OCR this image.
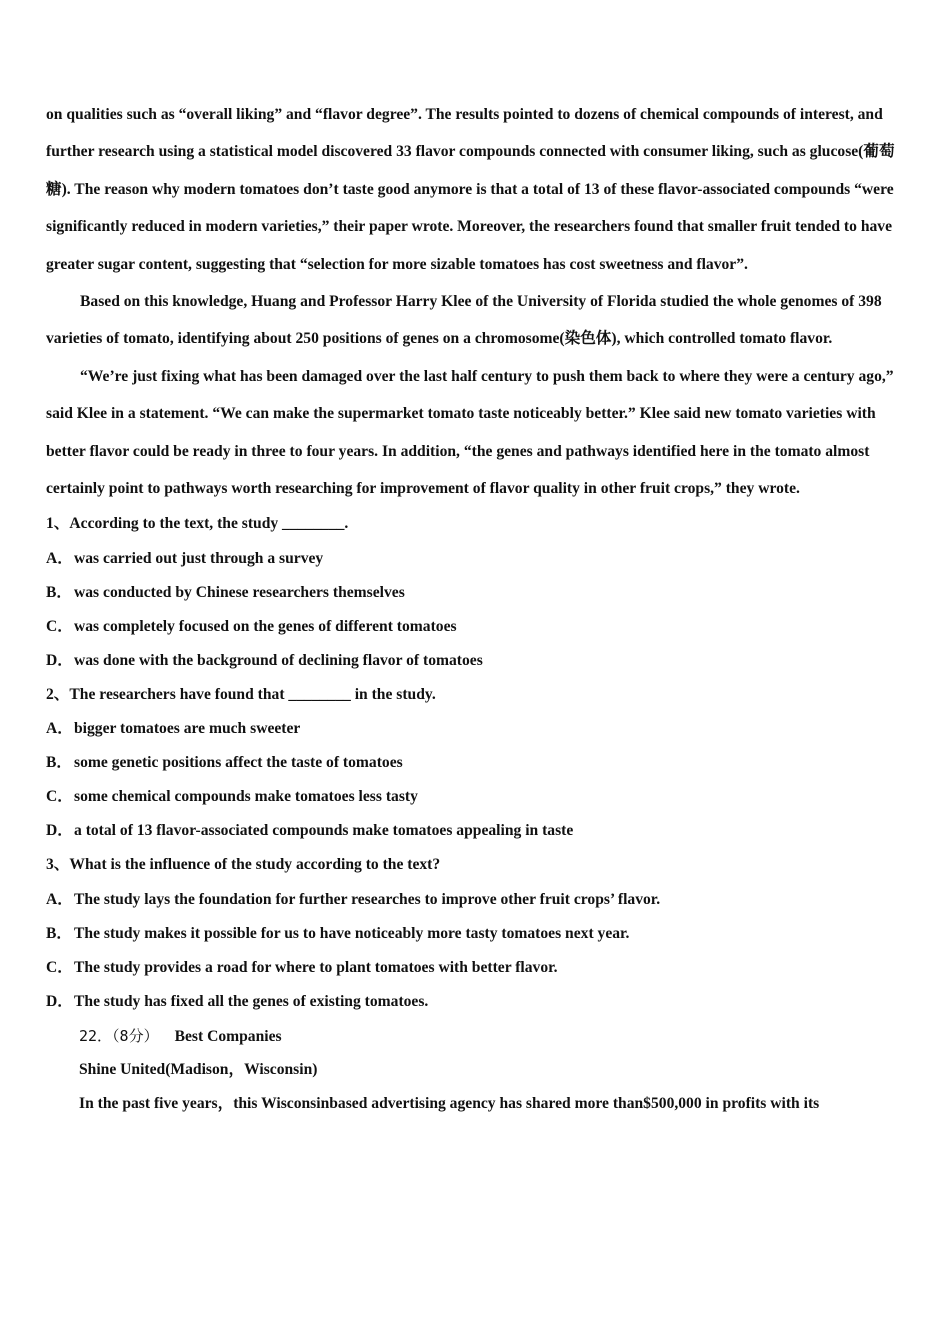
on qualities such as “overall liking” and “flavor degree”. The results pointed to dozens of chemical compounds of interest, and further research using a statistical model discovered 33 flavor compounds connected with consumer liking, such as glucose(葡萄糖). The reason why modern tomatoes don’t taste good anymore is that a total of 13 of these flavor-associated compounds “were significantly reduced in modern varieties,” their paper wrote. Moreover, the researchers found that smaller fruit tended to have greater sugar content, suggesting that “selection for more sizable tomatoes has cost sweetness and flavor”.

Based on this knowledge, Huang and Professor Harry Klee of the University of Florida studied the whole genomes of 398 varieties of tomato, identifying about 250 positions of genes on a chromosome(染色体), which controlled tomato flavor.

“We’re just fixing what has been damaged over the last half century to push them back to where they were a century ago,” said Klee in a statement. “We can make the supermarket tomato taste noticeably better.” Klee said new tomato varieties with better flavor could be ready in three to four years. In addition, “the genes and pathways identified here in the tomato almost certainly point to pathways worth researching for improvement of flavor quality in other fruit crops,” they wrote.

1、According to the text, the study ________.
A．was carried out just through a survey
B． was conducted by Chinese researchers themselves
C．was completely focused on the genes of different tomatoes
D．was done with the background of declining flavor of tomatoes
2、The researchers have found that ________ in the study.
A．bigger tomatoes are much sweeter
B． some genetic positions affect the taste of tomatoes
C．some chemical compounds make tomatoes less tasty
D．a total of 13 flavor-associated compounds make tomatoes appealing in taste
3、What is the influence of the study according to the text?
A．The study lays the foundation for further researches to improve other fruit crops’ flavor.
B． The study makes it possible for us to have noticeably more tasty tomatoes next year.
C．The study provides a road for where to plant tomatoes with better flavor.
D．The study has fixed all the genes of existing tomatoes.
22．（8分） Best Companies
Shine United(Madison，Wisconsin)
In the past five years，this Wisconsinbased advertising agency has shared more than$500,000 in profits with its
